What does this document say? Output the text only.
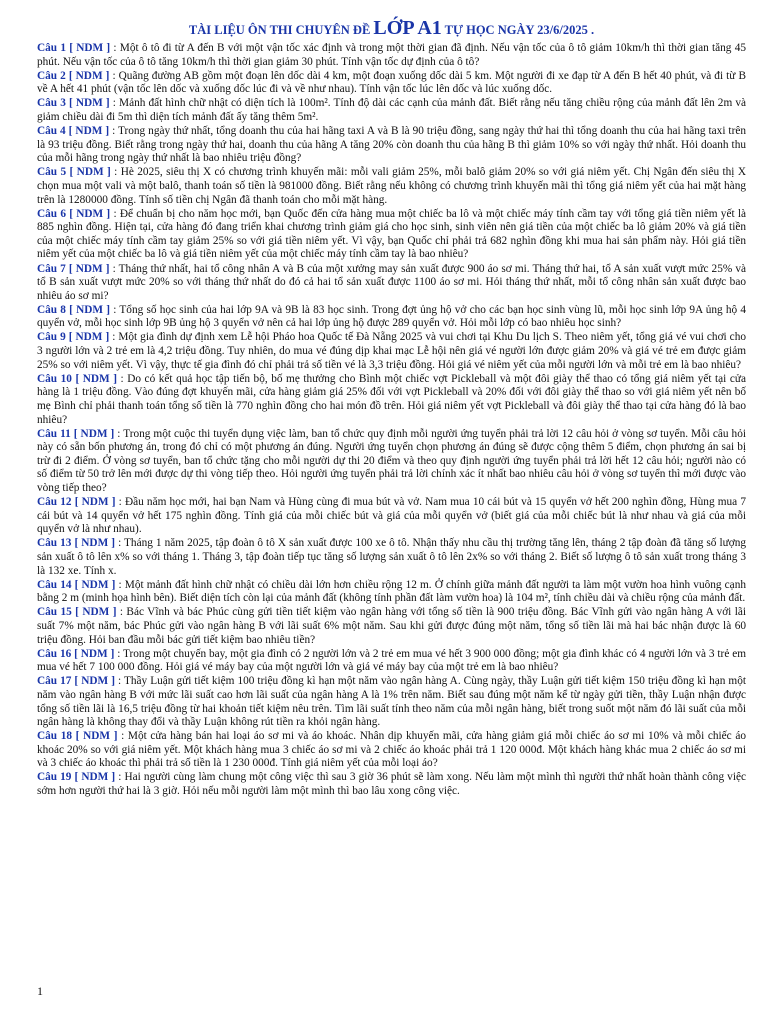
TÀI LIỆU ÔN THI CHUYÊN ĐỀ LỚP A1 TỰ HỌC NGÀY 23/6/2025 .
Câu 1 [ NDM ] : Một ô tô đi từ A đến B với một vận tốc xác định và trong một thời gian đã định. Nếu vận tốc của ô tô giảm 10km/h thì thời gian tăng 45 phút. Nếu vận tốc của ô tô tăng 10km/h thì thời gian giảm 30 phút. Tính vận tốc dự định của ô tô?
Câu 2 [ NDM ] : Quãng đường AB gồm một đoạn lên dốc dài 4 km, một đoạn xuống dốc dài 5 km. Một người đi xe đạp từ A đến B hết 40 phút, và đi từ B về A hết 41 phút (vận tốc lên dốc và xuống dốc lúc đi và về như nhau). Tính vận tốc lúc lên dốc và lúc xuống dốc.
Câu 3 [ NDM ] : Mảnh đất hình chữ nhật có diện tích là 100m². Tính độ dài các cạnh của mảnh đất. Biết rằng nếu tăng chiều rộng của mảnh đất lên 2m và giảm chiều dài đi 5m thì diện tích mảnh đất ấy tăng thêm 5m².
Câu 4 [ NDM ] : Trong ngày thứ nhất, tổng doanh thu của hai hãng taxi A và B là 90 triệu đồng, sang ngày thứ hai thì tổng doanh thu của hai hãng taxi trên là 93 triệu đồng. Biết rằng trong ngày thứ hai, doanh thu của hãng A tăng 20% còn doanh thu của hãng B thì giảm 10% so với ngày thứ nhất. Hỏi doanh thu của mỗi hãng trong ngày thứ nhất là bao nhiêu triệu đồng?
Câu 5 [ NDM ] : Hè 2025, siêu thị X có chương trình khuyến mãi: mỗi vali giảm 25%, mỗi balô giảm 20% so với giá niêm yết. Chị Ngân đến siêu thị X chọn mua một vali và một balô, thanh toán số tiền là 981000 đồng. Biết rằng nếu không có chương trình khuyến mãi thì tổng giá niêm yết của hai mặt hàng trên là 1280000 đồng. Tính số tiền chị Ngân đã thanh toán cho mỗi mặt hàng.
Câu 6 [ NDM ] : Để chuẩn bị cho năm học mới, bạn Quốc đến cửa hàng mua một chiếc ba lô và một chiếc máy tính cầm tay với tổng giá tiền niêm yết là 885 nghìn đồng. Hiện tại, cửa hàng đó đang triển khai chương trình giảm giá cho học sinh, sinh viên nên giá tiền của một chiếc ba lô giảm 20% và giá tiền của một chiếc máy tính cầm tay giảm 25% so với giá tiền niêm yết. Vì vậy, bạn Quốc chỉ phải trả 682 nghìn đồng khi mua hai sản phẩm này. Hỏi giá tiền niêm yết của một chiếc ba lô và giá tiền niêm yết của một chiếc máy tính cầm tay là bao nhiêu?
Câu 7 [ NDM ] : Tháng thứ nhất, hai tổ công nhân A và B của một xưởng may sản xuất được 900 áo sơ mi. Tháng thứ hai, tổ A sản xuất vượt mức 25% và tổ B sản xuất vượt mức 20% so với tháng thứ nhất do đó cả hai tổ sản xuất được 1100 áo sơ mi. Hỏi tháng thứ nhất, mỗi tổ công nhân sản xuất được bao nhiêu áo sơ mi?
Câu 8 [ NDM ] : Tổng số học sinh của hai lớp 9A và 9B là 83 học sinh. Trong đợt ủng hộ vở cho các bạn học sinh vùng lũ, mỗi học sinh lớp 9A ủng hộ 4 quyển vở, mỗi học sinh lớp 9B ủng hộ 3 quyển vở nên cả hai lớp ủng hộ được 289 quyển vở. Hỏi mỗi lớp có bao nhiêu học sinh?
Câu 9 [ NDM ] : Một gia đình dự định xem Lễ hội Pháo hoa Quốc tế Đà Nẵng 2025 và vui chơi tại Khu Du lịch S. Theo niêm yết, tổng giá vé vui chơi cho 3 người lớn và 2 trẻ em là 4,2 triệu đồng. Tuy nhiên, do mua vé đúng dịp khai mạc Lễ hội nên giá vé người lớn được giảm 20% và giá vé trẻ em được giảm 25% so với niêm yết. Vì vậy, thực tế gia đình đó chỉ phải trả số tiền vé là 3,3 triệu đồng. Hỏi giá vé niêm yết của mỗi người lớn và mỗi trẻ em là bao nhiêu?
Câu 10 [ NDM ] : Do có kết quả học tập tiến bộ, bố mẹ thưởng cho Bình một chiếc vợt Pickleball và một đôi giày thể thao có tổng giá niêm yết tại cửa hàng là 1 triệu đồng. Vào đúng đợt khuyến mãi, cửa hàng giảm giá 25% đối với vợt Pickleball và 20% đối với đôi giày thể thao so với giá niêm yết nên bố mẹ Bình chỉ phải thanh toán tổng số tiền là 770 nghìn đồng cho hai món đồ trên. Hỏi giá niêm yết vợt Pickleball và đôi giày thể thao tại cửa hàng đó là bao nhiêu?
Câu 11 [ NDM ] : Trong một cuộc thi tuyển dụng việc làm, ban tổ chức quy định mỗi người ứng tuyển phải trả lời 12 câu hỏi ở vòng sơ tuyển. Mỗi câu hỏi này có sẵn bốn phương án, trong đó chỉ có một phương án đúng. Người ứng tuyển chọn phương án đúng sẽ được cộng thêm 5 điểm, chọn phương án sai bị trừ đi 2 điểm. Ở vòng sơ tuyển, ban tổ chức tặng cho mỗi người dự thi 20 điểm và theo quy định người ứng tuyển phải trả lời hết 12 câu hỏi; người nào có số điểm từ 50 trở lên mới được dự thi vòng tiếp theo. Hỏi người ứng tuyển phải trả lời chính xác ít nhất bao nhiêu câu hỏi ở vòng sơ tuyển thì mới được vào vòng tiếp theo?
Câu 12 [ NDM ] : Đầu năm học mới, hai bạn Nam và Hùng cùng đi mua bút và vở. Nam mua 10 cái bút và 15 quyển vở hết 200 nghìn đồng, Hùng mua 7 cái bút và 14 quyển vở hết 175 nghìn đồng. Tính giá của mỗi chiếc bút và giá của mỗi quyển vở (biết giá của mỗi chiếc bút là như nhau và giá của mỗi quyển vở là như nhau).
Câu 13 [ NDM ] : Tháng 1 năm 2025, tập đoàn ô tô X sản xuất được 100 xe ô tô. Nhận thấy nhu cầu thị trường tăng lên, tháng 2 tập đoàn đã tăng số lượng sản xuất ô tô lên x% so với tháng 1. Tháng 3, tập đoàn tiếp tục tăng số lượng sản xuất ô tô lên 2x% so với tháng 2. Biết số lượng ô tô sản xuất trong tháng 3 là 132 xe. Tính x.
Câu 14 [ NDM ] : Một mảnh đất hình chữ nhật có chiều dài lớn hơn chiều rộng 12 m. Ở chính giữa mảnh đất người ta làm một vườn hoa hình vuông cạnh bằng 2 m (minh họa hình bên). Biết diện tích còn lại của mảnh đất (không tính phần đất làm vườn hoa) là 104 m², tính chiều dài và chiều rộng của mảnh đất.
Câu 15 [ NDM ] : Bác Vĩnh và bác Phúc cùng gửi tiền tiết kiệm vào ngân hàng với tổng số tiền là 900 triệu đồng. Bác Vĩnh gửi vào ngân hàng A với lãi suất 7% một năm, bác Phúc gửi vào ngân hàng B với lãi suất 6% một năm. Sau khi gửi được đúng một năm, tổng số tiền lãi mà hai bác nhận được là 60 triệu đồng. Hỏi ban đầu mỗi bác gửi tiết kiệm bao nhiêu tiền?
Câu 16 [ NDM ] : Trong một chuyến bay, một gia đình có 2 người lớn và 2 trẻ em mua vé hết 3 900 000 đồng; một gia đình khác có 4 người lớn và 3 trẻ em mua vé hết 7 100 000 đồng. Hỏi giá vé máy bay của một người lớn và giá vé máy bay của một trẻ em là bao nhiêu?
Câu 17 [ NDM ] : Thầy Luận gửi tiết kiệm 100 triệu đồng kì hạn một năm vào ngân hàng A. Cùng ngày, thầy Luận gửi tiết kiệm 150 triệu đồng kì hạn một năm vào ngân hàng B với mức lãi suất cao hơn lãi suất của ngân hàng A là 1% trên năm. Biết sau đúng một năm kể từ ngày gửi tiền, thầy Luận nhận được tổng số tiền lãi là 16,5 triệu đồng từ hai khoản tiết kiệm nêu trên. Tìm lãi suất tính theo năm của mỗi ngân hàng, biết trong suốt một năm đó lãi suất của mỗi ngân hàng là không thay đổi và thầy Luận không rút tiền ra khỏi ngân hàng.
Câu 18 [ NDM ] : Một cửa hàng bán hai loại áo sơ mi và áo khoác. Nhân dịp khuyến mãi, cửa hàng giảm giá mỗi chiếc áo sơ mi 10% và mỗi chiếc áo khoác 20% so với giá niêm yết. Một khách hàng mua 3 chiếc áo sơ mi và 2 chiếc áo khoác phải trả 1 120 000đ. Một khách hàng khác mua 2 chiếc áo sơ mi và 3 chiếc áo khoác thì phải trả số tiền là 1 230 000đ. Tính giá niêm yết của mỗi loại áo?
Câu 19 [ NDM ] : Hai người cùng làm chung một công việc thì sau 3 giờ 36 phút sẽ làm xong. Nếu làm một mình thì người thứ nhất hoàn thành công việc sớm hơn người thứ hai là 3 giờ. Hỏi nếu mỗi người làm một mình thì bao lâu xong công việc.
1
